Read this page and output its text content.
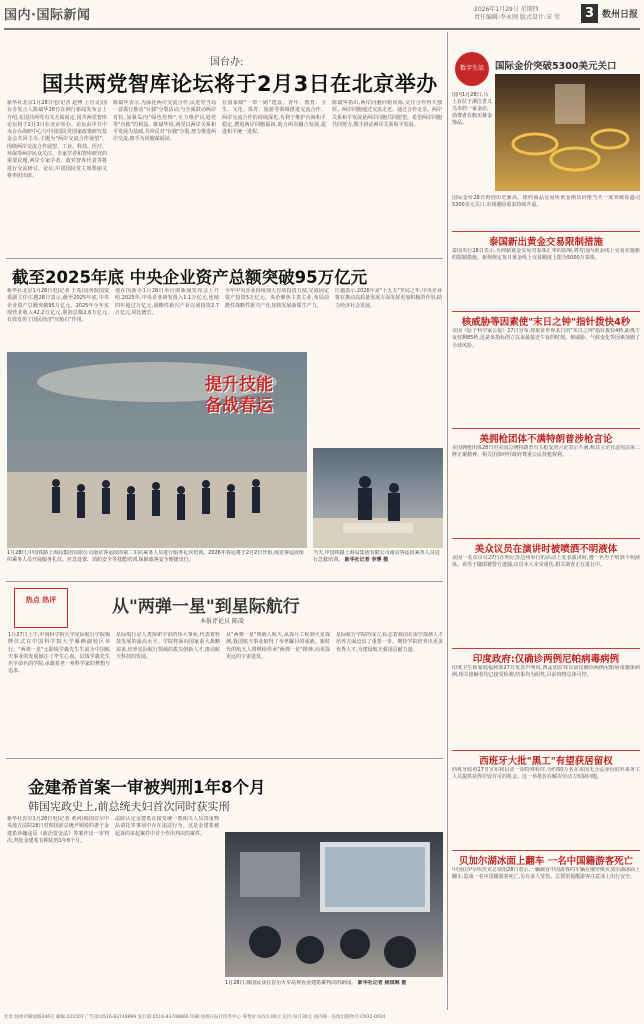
国内·国际新闻	2026年1月29日 星期四
责任编辑:李永刚 版式设计:宋 莹	3 数州日报
国台办:
国共两党智库论坛将于2月3日在北京举办
新华社北京1月28日电(记者 赵博 上官灵)国台办发言人陈斌华28日在例行新闻发布会上介绍,在国共两党有关方面商定,国共两党智库论坛将于2月3日在北京举办。论坛由中共中央台办海研中心与中国国民党国家政策研究基金会共同主办,主题为"两岸交流合作展望"。围绕两岸交流合作展望、工业、科技、医疗、环保等两岸民众关注、专家学者和智库研究的重要议题,两岸专家学者、政党智库代表等将进行交流研讨。论坛,中国国民党主席郑丽文将率团出席。
陈斌华表示,为深化两岸交流合作,民进党当局一意孤行推动"台独"分裂活动,与全面鼓动两岸对抗,加紧岛内"绿色恐怖",全力维护民进党等"台独"的利益。陈斌华说,两党以两岸关系和平发展为基础,共同反对"台独"分裂,努力推进两岸交流,携手为同胞谋福祉。
在国家级"一带一路"建设、青年、教育、卫生、文化、体育、旅游等领域推进交流合作。两岸交流合作的持续深化,有利于维护台海和平稳定,增进两岸同胞福祉,助力两岸融合发展,促进和平统一进程。
陈斌华指出,两岸同胞同根同源,交往合作得天独厚。两岸同胞通过交流走近、通过合作走亲。两岸关系和平发展是两岸同胞共同愿望。希望两岸同胞共同努力,携手推动两岸关系和平发展。
截至2025年底 中央企业资产总额突破95万亿元
新华社北京1月28日电(记者 王希)国务院国资委副主任庄越28日表示,截至2025年底,中央企业资产总额突破95万亿元。2025年全年实现营业收入42.2万亿元,利润总额2.6万亿元,有效发挥了国民经济"压舱石"作用。
他在国新办1月28日举行的新闻发布会上介绍,2025年,中央企业研发投入1.1万亿元,连续四年超过万亿元,战略性新兴产业完成投资2.7万亿元,同比增长。
全年中央企业持续加大有效投资力度,完成固定资产投资5万亿元。央企聚焦主责主业,布局前瞻性战略性新兴产业,加快发展新质生产力。
庄越表示,2026年是"十五五"开局之年,中央企业将在推动高质量发展方面发挥更加积极的作用,助力经济社会发展。
提升技能
备战春运
1月28日,中国铁路上海局集团有限公司南京客运段的第二车队乘务人员进行服务礼仪培训。2026年春运将于2月2日开始,南京客运段组织乘务人员开展服务礼仪、应急处置、消防安全等技能培训,保障旅客安全便捷出行。
当天,中国铁路上海局集团有限公司南京客运段乘务人员进行急救培训。 新华社记者 李博 摄
热点 热评	从"两弹一星"到星际航行
本报评论员 陈凌
1月27日上午,中国科学院大学星际航行学院揭牌仪式在中国科学院大学雁栖湖校区举行。"两弹一星"元勋钱学森先生生前为中国航天事业的发展倾注了毕生心血。以钱学森先生名字命名的学院,承载着老一辈科学家的梦想与追求。
星际航行是人类探索宇宙的伟大事业,代表着科技发展的最高水平。学院将面向国家重大战略需求,培养星际航行领域的拔尖创新人才,推动航天科技的发展。
从"两弹一星"到载人航天,从探月工程到火星探测,我国航天事业取得了举世瞩目的成就。新时代的航天人将继续传承"两弹一星"精神,向更深更远的宇宙进发。
星际航行学院的成立,标志着我国在深空探测人才培养方面迈出了重要一步。期待学院培养出更多优秀人才,为建设航天强国贡献力量。
金建希首案一审被判刑1年8个月
韩国宪政史上,前总统夫妇首次同时获实刑
新华社首尔1月28日电(记者 黄河)韩国首尔中央地方法院28日对韩国前总统尹锡悦的妻子金建希涉嫌违反《政治资金法》等案作出一审判决,判处金建希有期徒刑1年8个月。
法院认定金建希在接受统一教相关人员贵重物品请托等事项中存在违法行为。这是金建希被起诉的多起案件中首个作出判决的案件。
1月28日,韩国民众在首尔火车站观看金建希案判决的新闻。 新华社记者 姚琪琳 摄
数字生活	国际金价突破5300美元关口
国内1月28日,马上在位于浙江省义乌市的一家金店,消费者在购买黄金饰品。
国际金价28日再创历史新高。纽约商品交易所黄金期货价格当天一度突破每盎司5300美元关口,市场避险需求持续升温。
泰国新出黄金交易限制措施
泰国央行28日表示,为抑制黄金交易对泰铢汇率的影响,将对国内黄金线上交易实施新的限制措施。新规规定每日黄金线上交易额度上限为5000万泰铢。
核威胁等因素使"末日之钟"指针拨快4秒
美国《原子科学家公报》27日宣布,将象征世界末日的"末日之钟"指针拨快4秒,距离午夜仅剩85秒,这是该指标创立以来最接近午夜的时刻。核威胁、气候变化等因素加剧了全球风险。
美拥枪团体不满特朗普涉枪言论
美国拥枪团体28日对美国总统特朗普有关枪支的言论表示不满,称其言论有违宪法第二修正案精神。相关团体呼吁政府尊重公民持枪权利。
美众议员在演讲时被喷洒不明液体
美国一名众议员27日在明尼苏达州举行的活动上发表演讲时,遭一名男子喷洒不明液体。该男子随即被警方逮捕,议员本人未受重伤,相关调查正在进行中。
印度政府:仅确诊两例尼帕病毒病例
印度卫生和家庭福利部27日发表声明说,西孟加拉邦目前仅确诊两例尼帕病毒感染病例,相关接触者均已接受检测,结果均为阴性,目前疫情总体可控。
西班牙大批"黑工"有望获居留权
西班牙政府27日宣布将启动一项特殊程序,为约50万名在该国无合法身份的外来务工人员提供获得居留许可的机会。这一举措旨在解决劳动力短缺问题。
贝加尔湖冰面上翻车 一名中国籍游客死亡
中国驻伊尔库茨克总领馆28日表示,一辆载有中国游客的车辆在俄罗斯贝加尔湖冰面上翻车,造成一名中国籍游客死亡,另有多人受伤。总领馆提醒游客注意冰上出行安全。
社址:徐州市解放路246号 邮编:221007 广告部:0516-83748899 发行部:0516-83748866 印刷:徐州日报社印务中心 零售价:每份1.00元 定价:每月30元 国内统一连续出版物号:CN32-0024
